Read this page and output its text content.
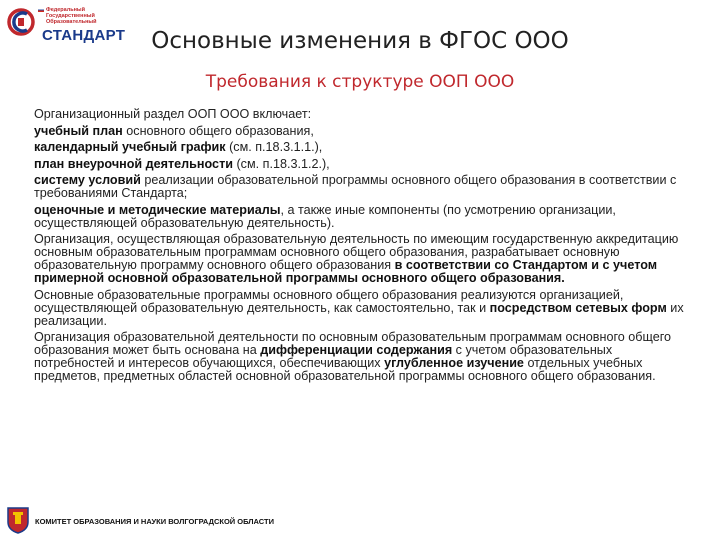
Федеральный
Государственный
Образовательный
СТАНДАРТ	Основные изменения в ФГОС ООО
Требования к структуре ООП ООО

Организационный раздел ООП ООО включает:

учебный план основного общего образования,

календарный учебный график (см. п.18.3.1.1.),

план внеурочной деятельности (см. п.18.3.1.2.),

систему условий реализации образовательной программы основного общего образования в соответствии с требованиями Стандарта;

оценочные и методические материалы, а также иные компоненты (по усмотрению организации, осуществляющей образовательную деятельность).

Организация, осуществляющая образовательную деятельность по имеющим государственную аккредитацию основным образовательным программам основного общего образования, разрабатывает основную образовательную программу основного общего образования в соответствии со Стандартом и с учетом примерной основной образовательной программы основного общего образования.

Основные образовательные программы основного общего образования реализуются организацией, осуществляющей образовательную деятельность, как самостоятельно, так и посредством сетевых форм их реализации.

Организация образовательной деятельности по основным образовательным программам основного общего образования может быть основана на дифференциации содержания с учетом образовательных потребностей и интересов обучающихся, обеспечивающих углубленное изучение отдельных учебных предметов, предметных областей основной образовательной программы основного общего образования.

КОМИТЕТ ОБРАЗОВАНИЯ И НАУКИ ВОЛГОГРАДСКОЙ ОБЛАСТИ
